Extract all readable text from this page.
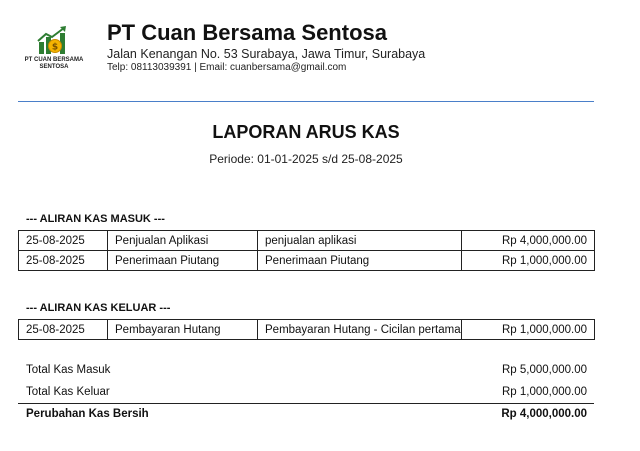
$
PT CUAN BERSAMA SENTOSA
PT Cuan Bersama Sentosa
Jalan Kenangan No. 53 Surabaya, Jawa Timur, Surabaya
Telp: 08113039391 | Email: cuanbersama@gmail.com
LAPORAN ARUS KAS
Periode: 01-01-2025 s/d 25-08-2025
--- ALIRAN KAS MASUK ---
25-08-2025	Penjualan Aplikasi	penjualan aplikasi	Rp 4,000,000.00
25-08-2025	Penerimaan Piutang	Penerimaan Piutang	Rp 1,000,000.00
--- ALIRAN KAS KELUAR ---
25-08-2025	Pembayaran Hutang	Pembayaran Hutang - Cicilan pertama	Rp 1,000,000.00
Total Kas Masuk	Rp 5,000,000.00
Total Kas Keluar	Rp 1,000,000.00
Perubahan Kas Bersih	Rp 4,000,000.00
